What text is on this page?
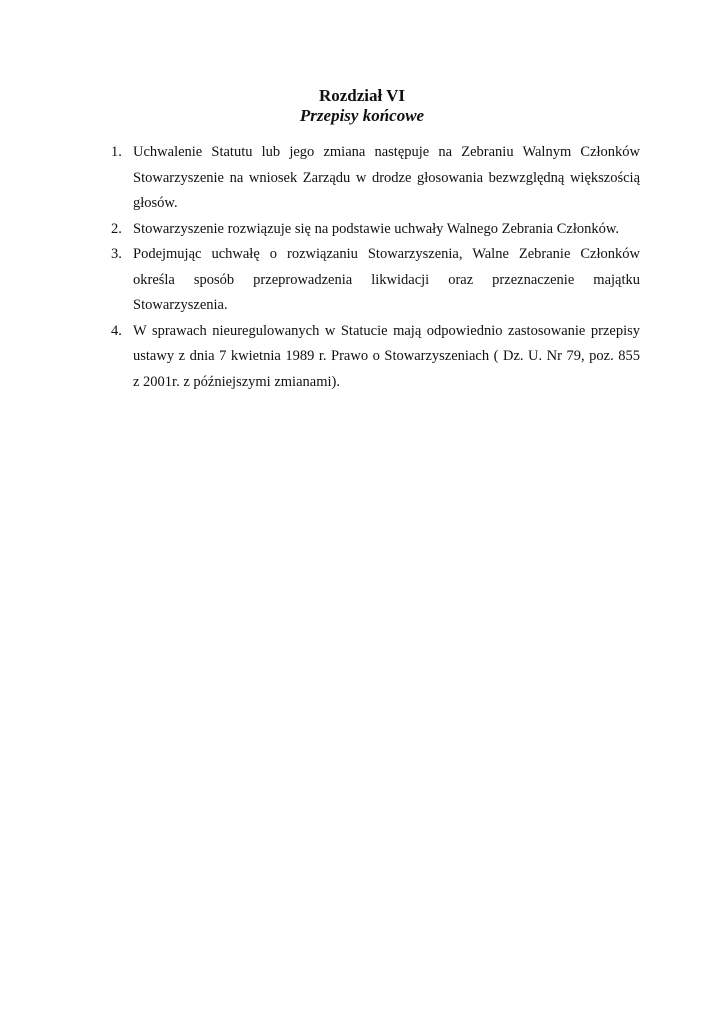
Rozdział VI
Przepisy końcowe
1. Uchwalenie Statutu lub jego zmiana następuje na Zebraniu Walnym Członków
Stowarzyszenie na wniosek Zarządu w drodze głosowania bezwzględną większością
głosów.
2. Stowarzyszenie rozwiązuje się na podstawie uchwały Walnego Zebrania Członków.
3. Podejmując uchwałę o rozwiązaniu Stowarzyszenia, Walne Zebranie Członków
określa sposób przeprowadzenia likwidacji oraz przeznaczenie majątku
Stowarzyszenia.
4. W sprawach nieuregulowanych w Statucie mają odpowiednio zastosowanie przepisy
ustawy z dnia 7 kwietnia 1989 r. Prawo o Stowarzyszeniach ( Dz. U. Nr 79, poz. 855
z 2001r. z późniejszymi zmianami).
